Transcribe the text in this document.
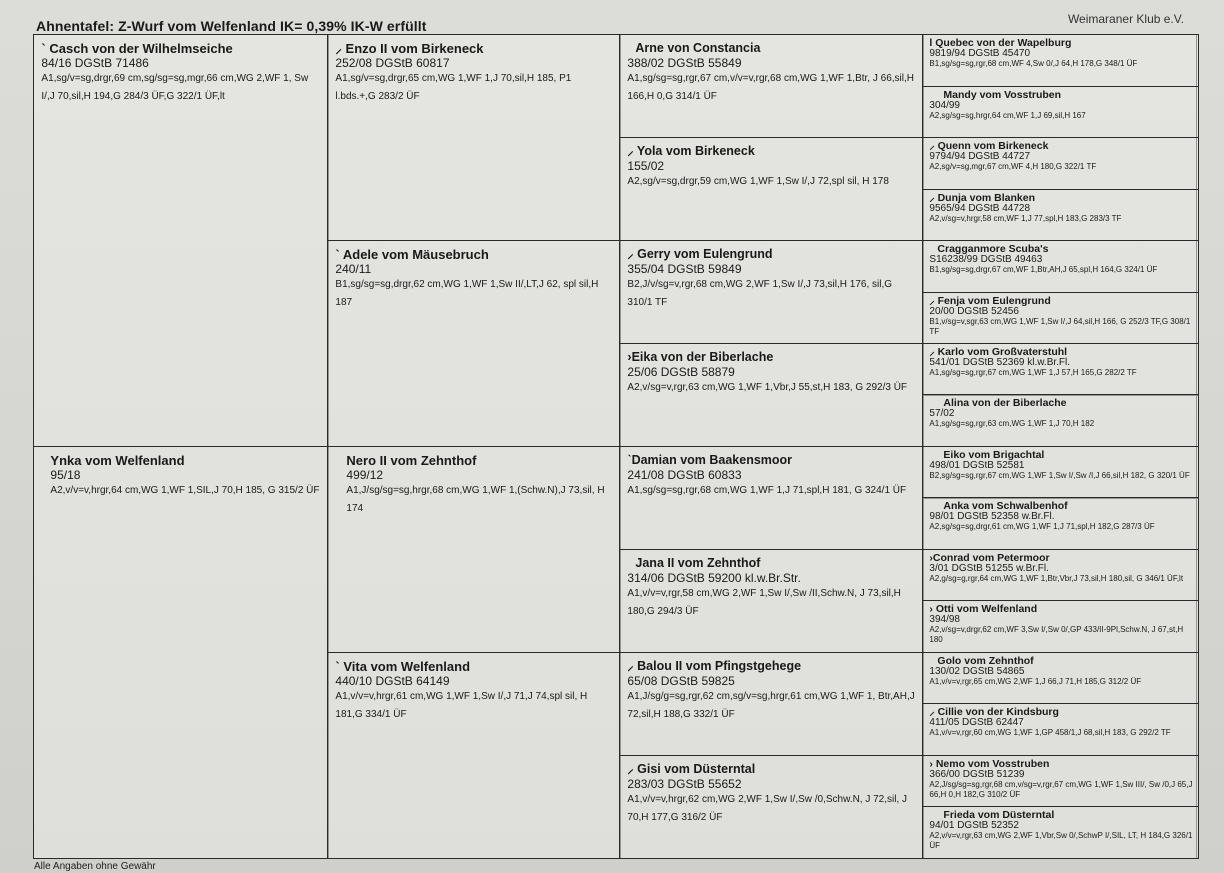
Ahnentafel: Z-Wurf vom Welfenland IK= 0,39% IK-W erfüllt	Weimaraner Klub e.V.
` Casch von der Wilhelmseiche
84/16 DGStB 71486
A1,sg/v=sg,drgr,69 cm,sg/sg=sg,mgr,66 cm,WG 2,WF 1, Sw I/,J 70,sil,H 194,G 284/3 ÜF,G 322/1 ÜF,lt
Ynka vom Welfenland
95/18
A2,v/v=v,hrgr,64 cm,WG 1,WF 1,SIL,J 70,H 185, G 315/2 ÜF
⸝ Enzo II vom Birkeneck
252/08 DGStB 60817
A1,sg/v=sg,drgr,65 cm,WG 1,WF 1,J 70,sil,H 185, P1 l.bds.+,G 283/2 ÜF
` Adele vom Mäusebruch
240/11
B1,sg/sg=sg,drgr,62 cm,WG 1,WF 1,Sw II/,LT,J 62, spl sil,H 187
Nero II vom Zehnthof
499/12
A1,J/sg/sg=sg,hrgr,68 cm,WG 1,WF 1,(Schw.N),J 73,sil, H 174
` Vita vom Welfenland
440/10 DGStB 64149
A1,v/v=v,hrgr,61 cm,WG 1,WF 1,Sw I/,J 71,J 74,spl sil, H 181,G 334/1 ÜF
Arne von Constancia
388/02 DGStB 55849
A1,sg/sg=sg,rgr,67 cm,v/v=v,rgr,68 cm,WG 1,WF 1,Btr, J 66,sil,H 166,H 0,G 314/1 ÜF
⸝ Yola vom Birkeneck
155/02
A2,sg/v=sg,drgr,59 cm,WG 1,WF 1,Sw I/,J 72,spl sil, H 178
⸝ Gerry vom Eulengrund
355/04 DGStB 59849
B2,J/v/sg=v,rgr,68 cm,WG 2,WF 1,Sw I/,J 73,sil,H 176, sil,G 310/1 TF
›Eika von der Biberlache
25/06 DGStB 58879
A2,v/sg=v,rgr,63 cm,WG 1,WF 1,Vbr,J 55,st,H 183, G 292/3 ÜF
ˋDamian vom Baakensmoor
241/08 DGStB 60833
A1,sg/sg=sg,rgr,68 cm,WG 1,WF 1,J 71,spl,H 181, G 324/1 ÜF
Jana II vom Zehnthof
314/06 DGStB 59200 kl.w.Br.Str.
A1,v/v=v,rgr,58 cm,WG 2,WF 1,Sw I/,Sw /II,Schw.N, J 73,sil,H 180,G 294/3 ÜF
⸝ Balou II vom Pfingstgehege
65/08 DGStB 59825
A1,J/sg/g=sg,rgr,62 cm,sg/v=sg,hrgr,61 cm,WG 1,WF 1, Btr,AH,J 72,sil,H 188,G 332/1 ÜF
⸝ Gisi vom Düsterntal
283/03 DGStB 55652
A1,v/v=v,hrgr,62 cm,WG 2,WF 1,Sw I/,Sw /0,Schw.N, J 72,sil, J 70,H 177,G 316/2 ÜF
l Quebec von der Wapelburg
9819/94 DGStB 45470
B1,sg/sg=sg,rgr,68 cm,WF 4,Sw 0/,J 64,H 178,G 348/1 ÜF
Mandy vom Vosstruben
304/99
A2,sg/sg=sg,hrgr,64 cm,WF 1,J 69,sil,H 167
⸝ Quenn vom Birkeneck
9794/94 DGStB 44727
A2,sg/v=sg,mgr,67 cm,WF 4,H 180,G 322/1 TF
⸝ Dunja vom Blanken
9565/94 DGStB 44728
A2,v/sg=v,hrgr,58 cm,WF 1,J 77,spl,H 183,G 283/3 TF
Cragganmore Scuba's
S16238/99 DGStB 49463
B1,sg/sg=sg,drgr,67 cm,WF 1,Btr,AH,J 65,spl,H 164,G 324/1 ÜF
⸝ Fenja vom Eulengrund
20/00 DGStB 52456
B1,v/sg=v,sgr,63 cm,WG 1,WF 1,Sw I/,J 64,sil,H 166, G 252/3 TF,G 308/1 TF
⸝ Karlo vom Großvaterstuhl
541/01 DGStB 52369 kl.w.Br.Fl.
A1,sg/sg=sg,rgr,67 cm,WG 1,WF 1,J 57,H 165,G 282/2 TF
Alina von der Biberlache
57/02
A1,sg/sg=sg,rgr,63 cm,WG 1,WF 1,J 70,H 182
Eiko vom Brigachtal
498/01 DGStB 52581
B2,sg/sg=sg,rgr,67 cm,WG 1,WF 1,Sw I/,Sw /I,J 66,sil,H 182, G 320/1 ÜF
Anka vom Schwalbenhof
98/01 DGStB 52358 w.Br.Fl.
A2,sg/sg=sg,drgr,61 cm,WG 1,WF 1,J 71,spl,H 182,G 287/3 ÜF
›Conrad vom Petermoor
3/01 DGStB 51255 w.Br.Fl.
A2,g/sg=g,rgr,64 cm,WG 1,WF 1,Btr,Vbr,J 73,sil,H 180,sil, G 346/1 ÜF,lt
› Otti vom Welfenland
394/98
A2,v/sg=v,drgr,62 cm,WF 3,Sw I/,Sw 0/,GP 433/II-9Pl,Schw.N, J 67,st,H 180
Golo vom Zehnthof
130/02 DGStB 54865
A1,v/v=v,rgr,65 cm,WG 2,WF 1,J 66,J 71,H 185,G 312/2 ÜF
⸝ Cillie von der Kindsburg
411/05 DGStB 62447
A1,v/v=v,rgr,60 cm,WG 1,WF 1,GP 458/1,J 68,sil,H 183, G 292/2 TF
› Nemo vom Vosstruben
366/00 DGStB 51239
A2,J/sg/sg=sg,rgr,68 cm,v/sg=v,rgr,67 cm,WG 1,WF 1,Sw III/, Sw /0,J 65,J 66,H 0,H 182,G 310/2 ÜF
Frieda vom Düsterntal
94/01 DGStB 52352
A2,v/v=v,rgr,63 cm,WG 2,WF 1,Vbr,Sw 0/,SchwP I/,SIL, LT, H 184,G 326/1 ÜF
Alle Angaben ohne Gewähr
